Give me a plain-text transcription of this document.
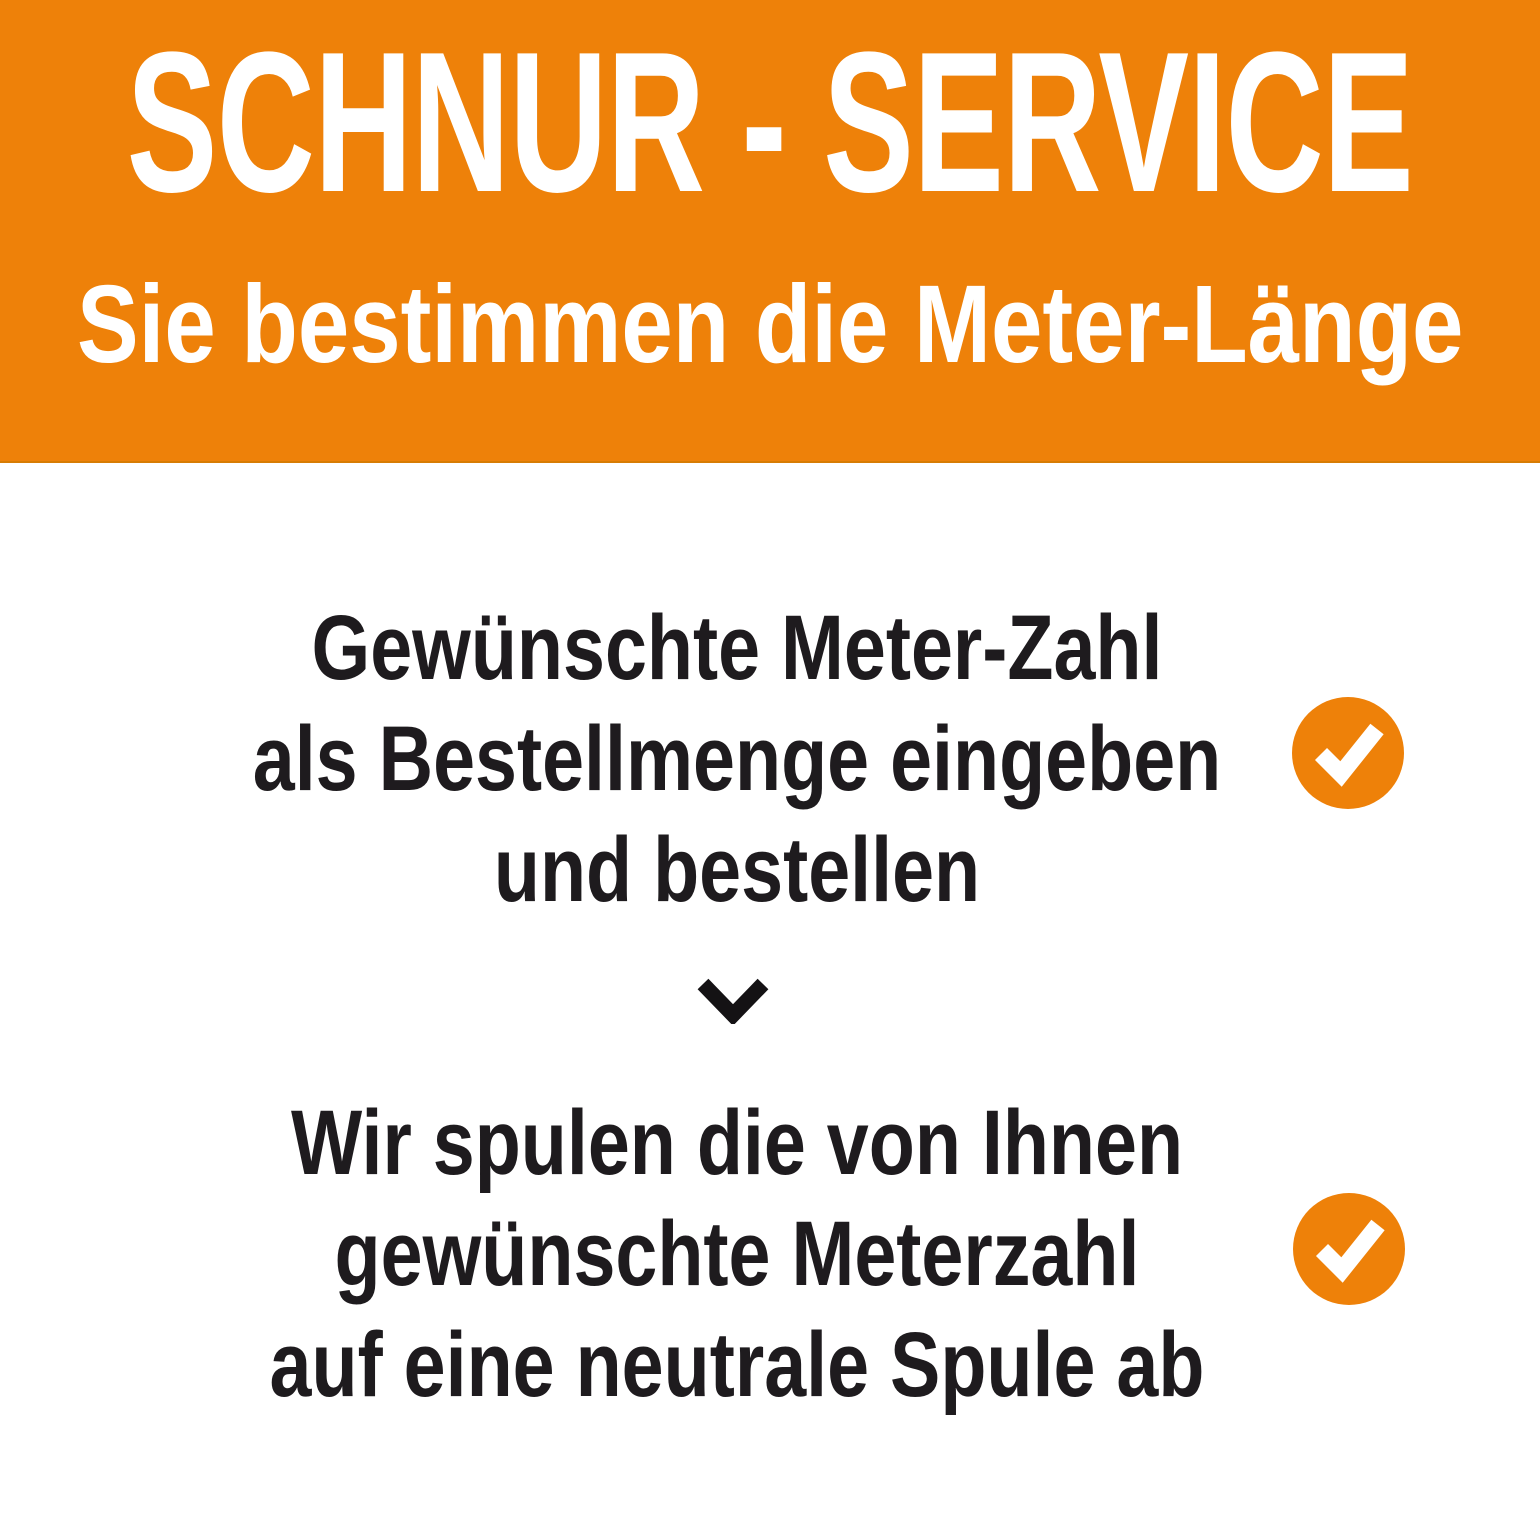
SCHNUR - SERVICE
Sie bestimmen die Meter-Länge
Gewünschte Meter-Zahl
als Bestellmenge eingeben
und bestellen
Wir spulen die von Ihnen
gewünschte Meterzahl
auf eine neutrale Spule ab
